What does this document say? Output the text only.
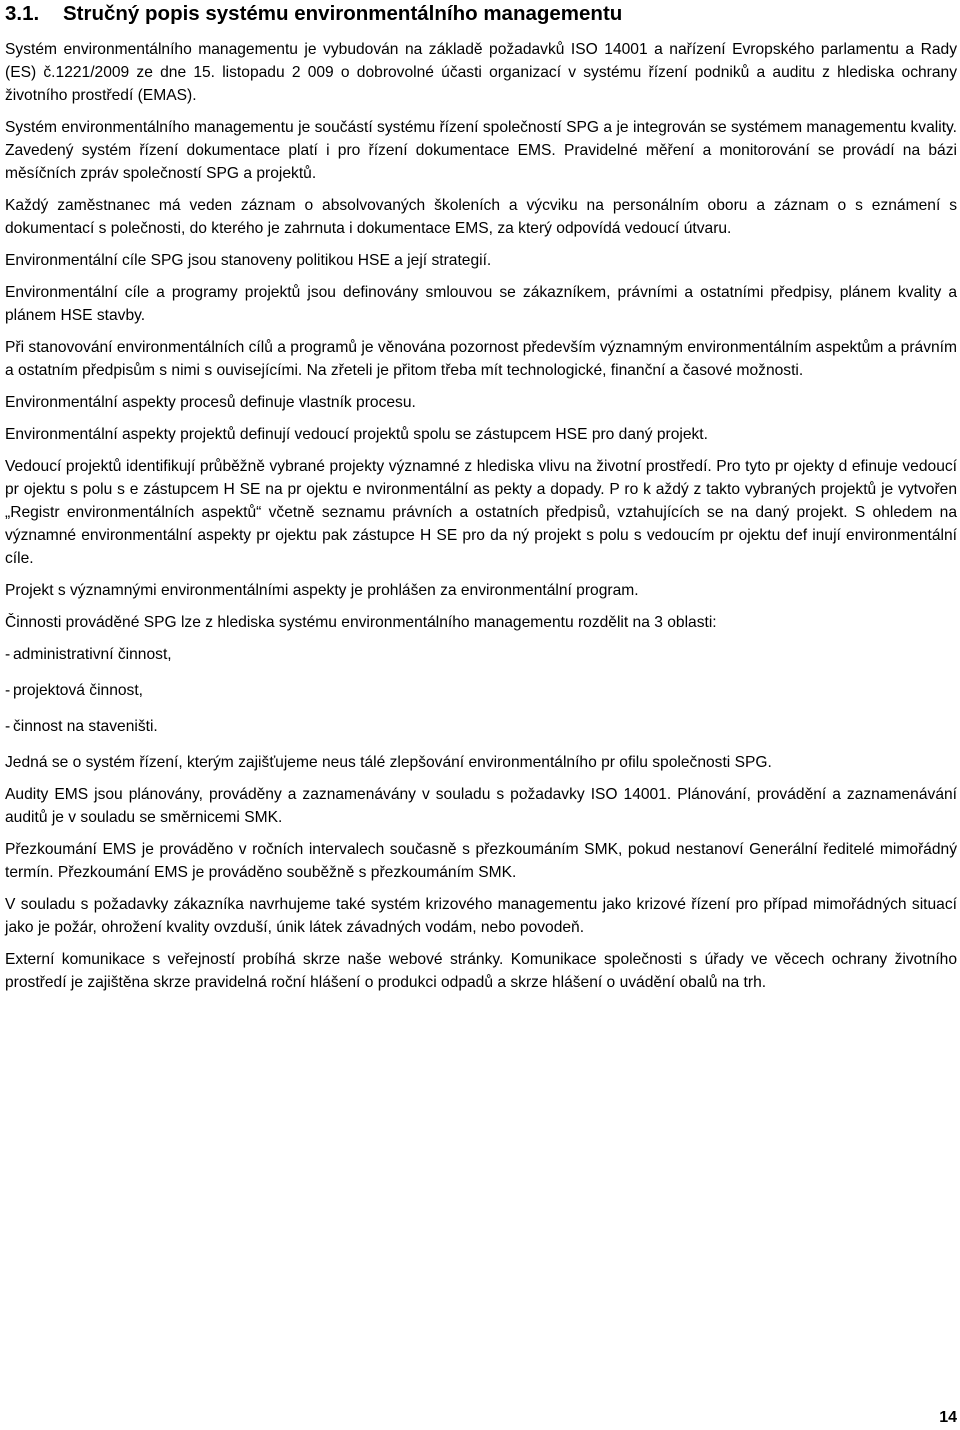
3.1. Stručný popis systému environmentálního managementu

Systém environmentálního managementu je vybudován na základě požadavků ISO 14001 a nařízení Evropského parlamentu a Rady (ES) č.1221/2009 ze dne 15. listopadu 2 009 o dobrovolné účasti organizací v systému řízení podniků a auditu z hlediska ochrany životního prostředí (EMAS).

Systém environmentálního managementu je součástí systému řízení společností SPG a je integrován se systémem managementu kvality. Zavedený systém řízení dokumentace platí i pro řízení dokumentace EMS. Pravidelné měření a monitorování se provádí na bázi měsíčních zpráv společností SPG a projektů.

Každý zaměstnanec má veden záznam o absolvovaných školeních a výcviku na personálním oboru a záznam o s eznámení s dokumentací s polečnosti, do kterého je zahrnuta i dokumentace EMS, za který odpovídá vedoucí útvaru.

Environmentální cíle SPG jsou stanoveny politikou HSE a její strategií.

Environmentální cíle a programy projektů jsou definovány smlouvou se zákazníkem, právními a ostatními předpisy, plánem kvality a plánem HSE stavby.

Při stanovování environmentálních cílů a programů je věnována pozornost především významným environmentálním aspektům a právním a ostatním předpisům s nimi s ouvisejícími. Na zřeteli je přitom třeba mít technologické, finanční a časové možnosti.

Environmentální aspekty procesů definuje vlastník procesu.

Environmentální aspekty projektů definují vedoucí projektů spolu se zástupcem HSE pro daný projekt.

Vedoucí projektů identifikují průběžně vybrané projekty významné z hlediska vlivu na životní prostředí. Pro tyto pr ojekty d efinuje vedoucí pr ojektu s polu s e zástupcem H SE na pr ojektu e nvironmentální as pekty a dopady. P ro k aždý z takto vybraných projektů je vytvořen „Registr environmentálních aspektů“ včetně seznamu právních a ostatních předpisů, vztahujících se na daný projekt. S ohledem na významné environmentální aspekty pr ojektu pak zástupce H SE pro da ný projekt s polu s vedoucím pr ojektu def inují environmentální cíle.

Projekt s významnými environmentálními aspekty je prohlášen za environmentální program.

Činnosti prováděné SPG lze z hlediska systému environmentálního managementu rozdělit na 3 oblasti:

- administrativní činnost,
- projektová činnost,
- činnost na staveništi.

Jedná se o systém řízení, kterým zajišťujeme neus tálé zlepšování environmentálního pr ofilu společnosti SPG.

Audity EMS jsou plánovány, prováděny a zaznamenávány v souladu s požadavky ISO 14001. Plánování, provádění a zaznamenávání auditů je v souladu se směrnicemi SMK.

Přezkoumání EMS je prováděno v ročních intervalech současně s přezkoumáním SMK, pokud nestanoví Generální ředitelé mimořádný termín. Přezkoumání EMS je prováděno souběžně s přezkoumáním SMK.

V souladu s požadavky zákazníka navrhujeme také systém krizového managementu jako krizové řízení pro případ mimořádných situací jako je požár, ohrožení kvality ovzduší, únik látek závadných vodám, nebo povodeň.

Externí komunikace s veřejností probíhá skrze naše webové stránky. Komunikace společnosti s úřady ve věcech ochrany životního prostředí je zajištěna skrze pravidelná roční hlášení o produkci odpadů a skrze hlášení o uvádění obalů na trh.

14
